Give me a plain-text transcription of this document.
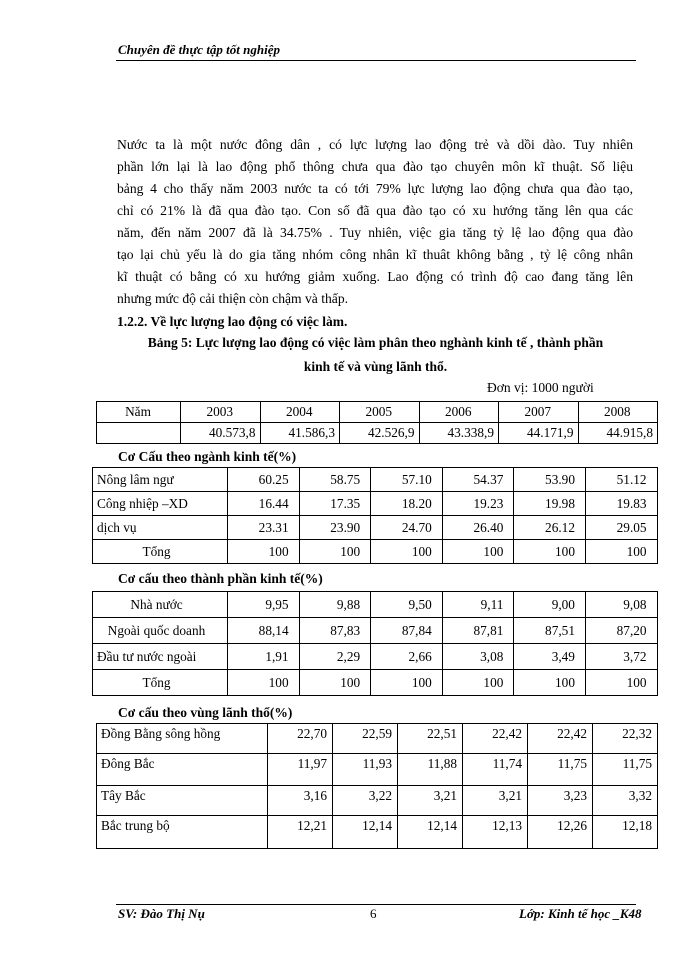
Chuyên đề thực tập tốt nghiệp
Nước ta là một nước đông dân , có lực lượng lao động trẻ và dồi dào. Tuy nhiên
phần lớn lại là lao động phổ thông chưa qua đào tạo chuyên môn kĩ thuật. Số liệu
bảng 4 cho thấy năm 2003 nước ta có tới 79% lực lượng lao động chưa qua đào tạo,
chỉ có 21% là đã qua đào tạo. Con số đã qua đào tạo có xu hướng tăng lên qua các
năm, đến năm 2007 đã là 34.75% . Tuy nhiên, việc gia tăng tỷ lệ lao động qua đào
tạo lại chủ yếu là do gia tăng nhóm công nhân kĩ thuât không bằng , tỷ lệ công nhân
kĩ thuật có bằng có xu hướng giảm xuống. Lao động có trình độ cao đang tăng lên
nhưng mức độ cải thiện còn chậm và thấp.
1.2.2. Về lực lượng lao động có việc làm.
Bảng 5: Lực lượng lao động có việc làm phân theo nghành kinh tế , thành phần
kinh tế và vùng lãnh thổ.
Đơn vị: 1000 người
Năm	2003	2004	2005	2006	2007	2008
	40.573,8	41.586,3	42.526,9	43.338,9	44.171,9	44.915,8
Cơ Cấu theo ngành kinh tế(%)
Nông lâm ngư	60.25	58.75	57.10	54.37	53.90	51.12
Công nhiệp –XD	16.44	17.35	18.20	19.23	19.98	19.83
dịch vụ	23.31	23.90	24.70	26.40	26.12	29.05
Tổng	100	100	100	100	100	100
Cơ cấu theo thành phần kinh tế(%)
Nhà nước	9,95	9,88	9,50	9,11	9,00	9,08
Ngoài quốc doanh	88,14	87,83	87,84	87,81	87,51	87,20
Đầu tư nước ngoài	1,91	2,29	2,66	3,08	3,49	3,72
Tổng	100	100	100	100	100	100
Cơ cấu theo vùng lãnh thổ(%)
Đồng Bằng sông hồng	22,70	22,59	22,51	22,42	22,42	22,32
Đông Bắc	11,97	11,93	11,88	11,74	11,75	11,75
Tây Bắc	3,16	3,22	3,21	3,21	3,23	3,32
Bắc trung bộ	12,21	12,14	12,14	12,13	12,26	12,18
SV: Đào Thị Nụ	6	Lớp: Kinh tế học _K48
